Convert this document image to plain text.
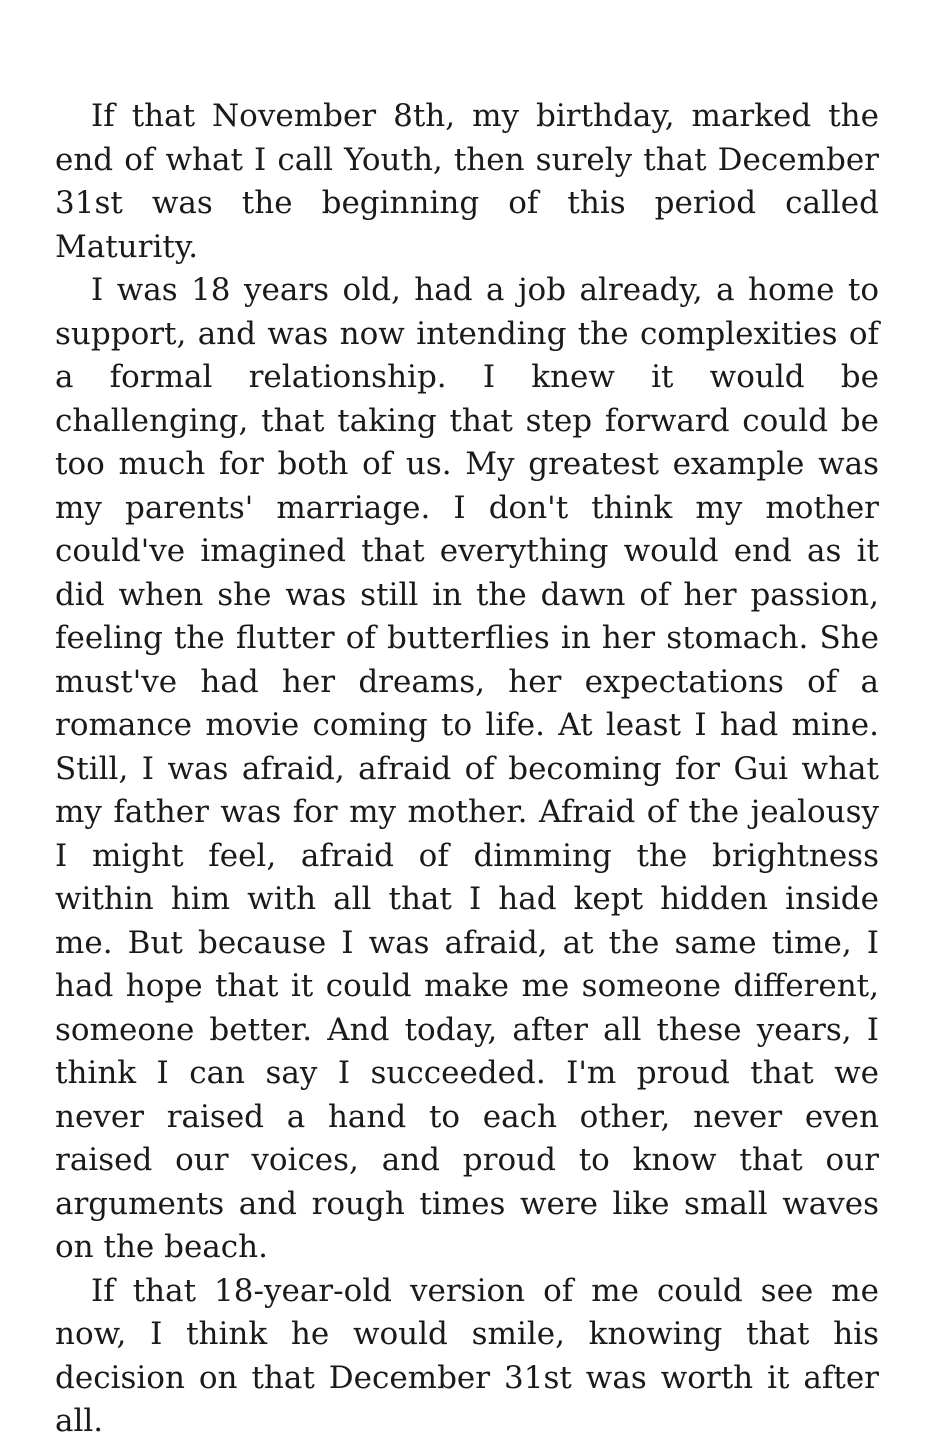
If that November 8th, my birthday, marked the end of what I call Youth, then surely that December 31st was the beginning of this period called Maturity.

I was 18 years old, had a job already, a home to support, and was now intending the complexities of a formal relationship. I knew it would be challenging, that taking that step forward could be too much for both of us. My greatest example was my parents' marriage. I don't think my mother could've imagined that everything would end as it did when she was still in the dawn of her passion, feeling the flutter of butterflies in her stomach. She must've had her dreams, her expectations of a romance movie coming to life. At least I had mine. Still, I was afraid, afraid of becoming for Gui what my father was for my mother. Afraid of the jealousy I might feel, afraid of dimming the brightness within him with all that I had kept hidden inside me. But because I was afraid, at the same time, I had hope that it could make me someone different, someone better. And today, after all these years, I think I can say I succeeded. I'm proud that we never raised a hand to each other, never even raised our voices, and proud to know that our arguments and rough times were like small waves on the beach.

If that 18-year-old version of me could see me now, I think he would smile, knowing that his decision on that December 31st was worth it after all.
